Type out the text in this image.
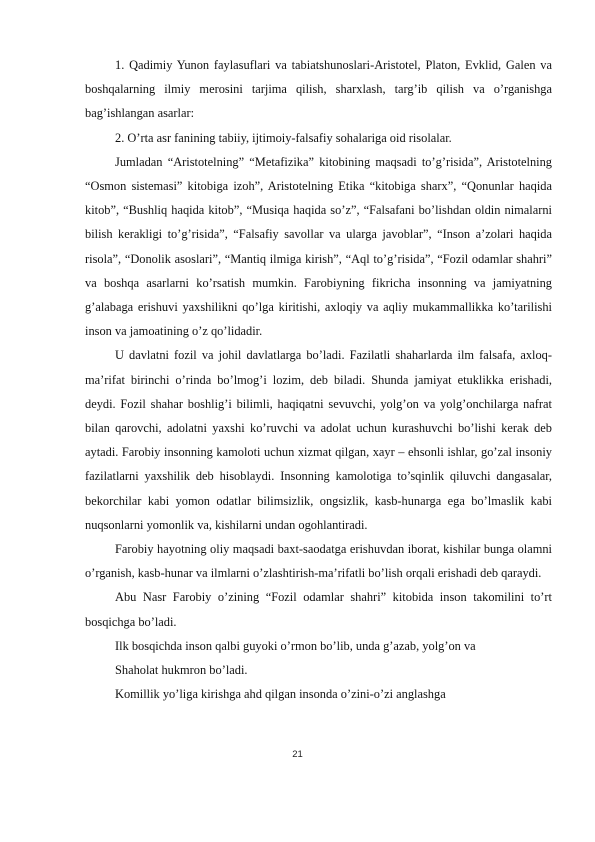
1. Qadimiy Yunon faylasuflari va tabiatshunoslari-Aristotel, Platon, Evklid, Galen va boshqalarning ilmiy merosini tarjima qilish, sharxlash, targ’ib qilish va o’rganishga bag’ishlangan asarlar:

2. O’rta asr fanining tabiiy, ijtimoiy-falsafiy sohalariga oid risolalar.

Jumladan “Aristotelning” “Metafizika” kitobining maqsadi to’g’risida”, Aristotelning “Osmon sistemasi” kitobiga izoh”, Aristotelning Etika “kitobiga sharx”, “Qonunlar haqida kitob”, “Bushliq haqida kitob”, “Musiqa haqida so’z”, “Falsafani bo’lishdan oldin nimalarni bilish kerakligi to’g’risida”, “Falsafiy savollar va ularga javoblar”, “Inson a’zolari haqida risola”, “Donolik asoslari”, “Mantiq ilmiga kirish”, “Aql to’g’risida”, “Fozil odamlar shahri” va boshqa asarlarni ko’rsatish mumkin. Farobiyning fikricha insonning va jamiyatning g’alabaga erishuvi yaxshilikni qo’lga kiritishi, axloqiy va aqliy mukammallikka ko’tarilishi inson va jamoatining o’z qo’lidadir.

U davlatni fozil va johil davlatlarga bo’ladi. Fazilatli shaharlarda ilm falsafa, axloq-ma’rifat birinchi o’rinda bo’lmog’i lozim, deb biladi. Shunda jamiyat etuklikka erishadi, deydi. Fozil shahar boshlig’i bilimli, haqiqatni sevuvchi, yolg’on va yolg’onchilarga nafrat bilan qarovchi, adolatni yaxshi ko’ruvchi va adolat uchun kurashuvchi bo’lishi kerak deb aytadi. Farobiy insonning kamoloti uchun xizmat qilgan, xayr – ehsonli ishlar, go’zal insoniy fazilatlarni yaxshilik deb hisoblaydi. Insonning kamolotiga to’sqinlik qiluvchi dangasalar, bekorchilar kabi yomon odatlar bilimsizlik, ongsizlik, kasb-hunarga ega bo’lmaslik kabi nuqsonlarni yomonlik va, kishilarni undan ogohlantiradi.

Farobiy hayotning oliy maqsadi baxt-saodatga erishuvdan iborat, kishilar bunga olamni o’rganish, kasb-hunar va ilmlarni o’zlashtirish-ma’rifatli bo’lish orqali erishadi deb qaraydi.

Abu Nasr Farobiy o’zining “Fozil odamlar shahri” kitobida inson takomilini to’rt bosqichga bo’ladi.

Ilk bosqichda inson qalbi guyoki o’rmon bo’lib, unda g’azab, yolg’on va

Shaholat hukmron bo’ladi.

Komillik yo’liga kirishga ahd qilgan insonda o’zini-o’zi anglashga

21
